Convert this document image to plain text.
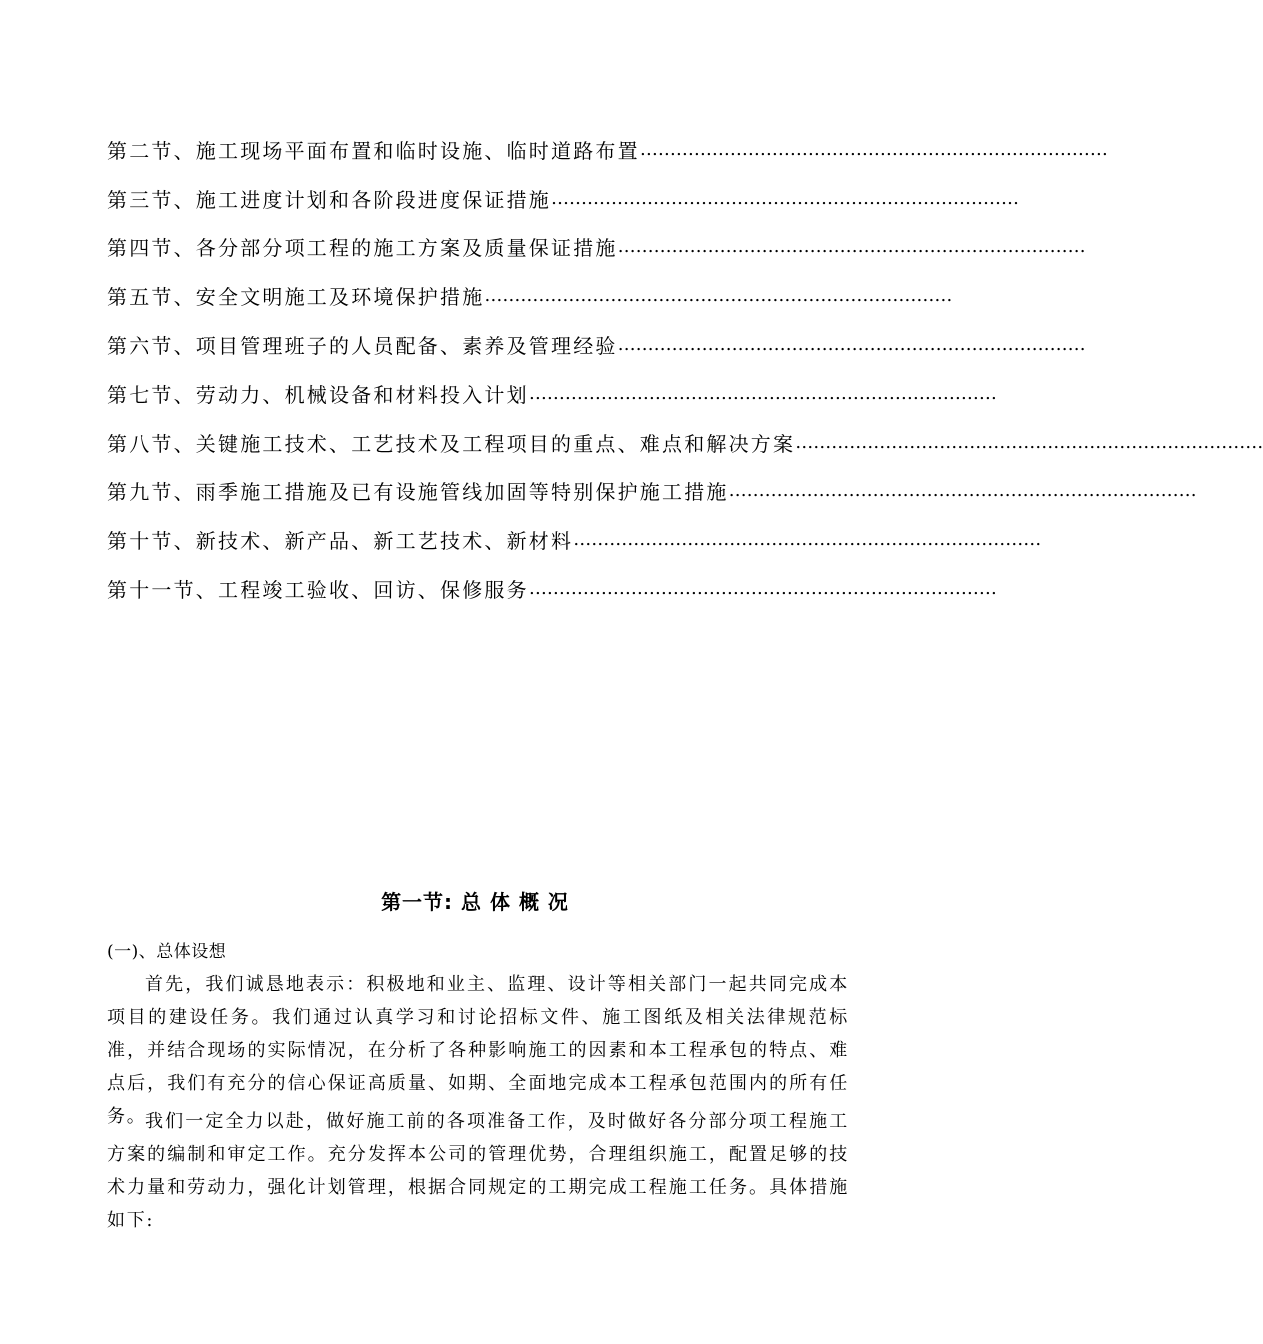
第二节、施工现场平面布置和临时设施、临时道路布置 ……………………………………………………………………
第三节、施工进度计划和各阶段进度保证措施 ……………………………………………………………………
第四节、各分部分项工程的施工方案及质量保证措施 ……………………………………………………………………
第五节、安全文明施工及环境保护措施 ……………………………………………………………………
第六节、项目管理班子的人员配备、素养及管理经验 ……………………………………………………………………
第七节、劳动力、机械设备和材料投入计划 ……………………………………………………………………
第八节、关键施工技术、工艺技术及工程项目的重点、难点和解决方案 ……………………………………………………………………
第九节、雨季施工措施及已有设施管线加固等特别保护施工措施 ……………………………………………………………………
第十节、新技术、新产品、新工艺技术、新材料 ……………………………………………………………………
第十一节、工程竣工验收、回访、保修服务 ……………………………………………………………………
第一节: 总 体 概 况

(一)、总体设想

首先，我们诚恳地表示：积极地和业主、监理、设计等相关部门一起共同完成本项目的建设任务。我们通过认真学习和讨论招标文件、施工图纸及相关法律规范标准，并结合现场的实际情况，在分析了各种影响施工的因素和本工程承包的特点、难点后，我们有充分的信心保证高质量、如期、全面地完成本工程承包范围内的所有任务。

我们一定全力以赴，做好施工前的各项准备工作，及时做好各分部分项工程施工方案的编制和审定工作。充分发挥本公司的管理优势，合理组织施工，配置足够的技术力量和劳动力，强化计划管理，根据合同规定的工期完成工程施工任务。具体措施如下:
